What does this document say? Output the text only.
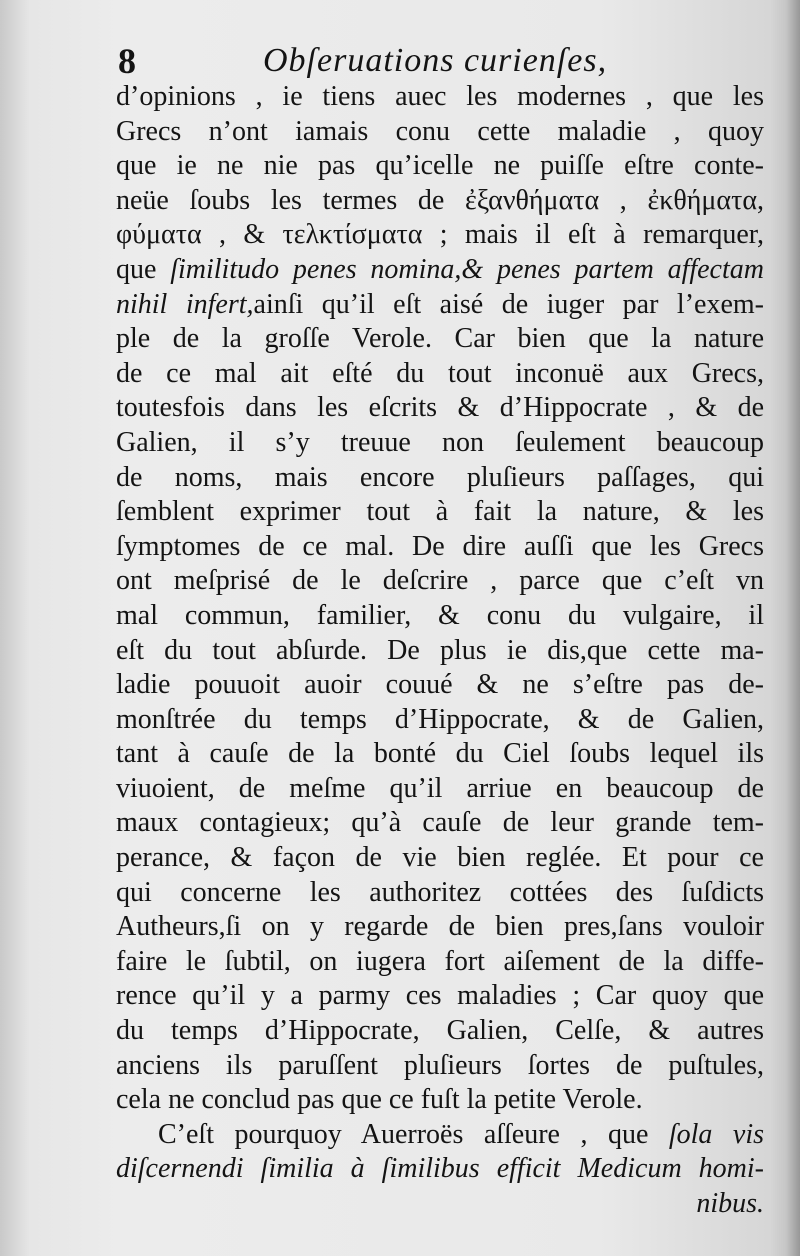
8	Obſeruations curienſes,
d’opinions , ie tiens auec les modernes , que les
Grecs n’ont iamais conu cette maladie , quoy
que ie ne nie pas qu’icelle ne puiſſe eſtre conte-
neüe ſoubs les termes de ἐξανθήματα , ἐκθήματα,
φύματα , & τελκτίσματα ; mais il eſt à remarquer,
que ſimilitudo penes nomina,& penes partem affectam
nihil infert,ainſi qu’il eſt aisé de iuger par l’exem-
ple de la groſſe Verole. Car bien que la nature
de ce mal ait eſté du tout inconuë aux Grecs,
toutesfois dans les eſcrits & d’Hippocrate , & de
Galien, il s’y treuue non ſeulement beaucoup
de noms, mais encore pluſieurs paſſages, qui
ſemblent exprimer tout à fait la nature, & les
ſymptomes de ce mal. De dire auſſi que les Grecs
ont meſprisé de le deſcrire , parce que c’eſt vn
mal commun, familier, & conu du vulgaire, il
eſt du tout abſurde. De plus ie dis,que cette ma-
ladie pouuoit auoir couué & ne s’eſtre pas de-
monſtrée du temps d’Hippocrate, & de Galien,
tant à cauſe de la bonté du Ciel ſoubs lequel ils
viuoient, de meſme qu’il arriue en beaucoup de
maux contagieux; qu’à cauſe de leur grande tem-
perance, & façon de vie bien reglée. Et pour ce
qui concerne les authoritez cottées des ſuſdicts
Autheurs,ſi on y regarde de bien pres,ſans vouloir
faire le ſubtil, on iugera fort aiſement de la diffe-
rence qu’il y a parmy ces maladies ; Car quoy que
du temps d’Hippocrate, Galien, Celſe, & autres
anciens ils paruſſent pluſieurs ſortes de puſtules,
cela ne conclud pas que ce fuſt la petite Verole.
C’eſt pourquoy Auerroës aſſeure , que ſola vis
diſcernendi ſimilia à ſimilibus efficit Medicum homi-
nibus.
